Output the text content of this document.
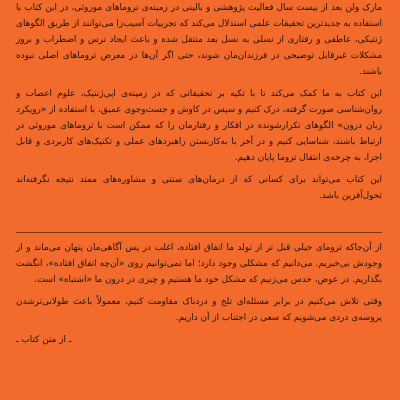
مارک ولن بعد از بیست سال فعالیت پژوهشی و بالینی در زمینه‌ی تروماهای موروثی، در این کتاب با استفاده به جدیدترین تحقیقات علمی استدلال می‌کند که تجربیات آسیب‌زا می‌توانند از طریق الگوهای ژنتیکی، عاطفی و رفتاری از نسلی به نسل بعد منتقل شده و باعث ایجاد ترس و اضطراب و بروز مشکلات غیرقابل توضیحی در فرزندان‌مان شوند، حتی اگر آن‌ها در معرض تروماهای اصلی نبوده باشند.

این کتاب به ما کمک می‌کند تا با تکیه بر تحقیقاتی که در زمینه‌ی اپی‌ژنتیک، علوم اعصاب و روان‌شناسی صورت گرفته، درک کنیم و سپس در کاوش و جست‌وجوی عمیق، با استفاده از «رویکرد زبان درون» الگوهای تکرارشونده در افکار و رفتارمان را که ممکن است با تروماهای موروثی در ارتباط باشند، شناسایی کنیم و در آخر با به‌کاربستن راهبردهای عملی و تکنیک‌های کاربردی و قابل اجرا، به چرخه‌ی انتقال تروما پایان دهیم.

این کتاب می‌تواند برای کسانی که از درمان‌های سنتی و مشاوره‌های ممتد نتیجه نگرفته‌اند تحول‌آفرین باشد.

از آن‌جاکه ترومای خیلی قبل تر از تولد ما اتفاق افتاده، اغلب در پس آگاهی‌مان پنهان می‌ماند و از وجودش بی‌خبریم. می‌دانیم که مشکلی وجود دارد؛ اما نمی‌توانیم روی «آن‌چه اتفاق افتاده»، انگشت بگذاریم. در عوض، حدس می‌زنیم که مشکل خود ما هستیم و چیزی در درون ما «اشتباه» است.

وقتی تلاش می‌کنیم در برابر مسئله‌ای تلخ و دردناک مقاومت کنیم، معمولاً باعث طولانی‌ترشدن پروسه‌ی دردی می‌شویم که سعی در اجتناب از آن داریم.

ـ از متن کتاب ـ
